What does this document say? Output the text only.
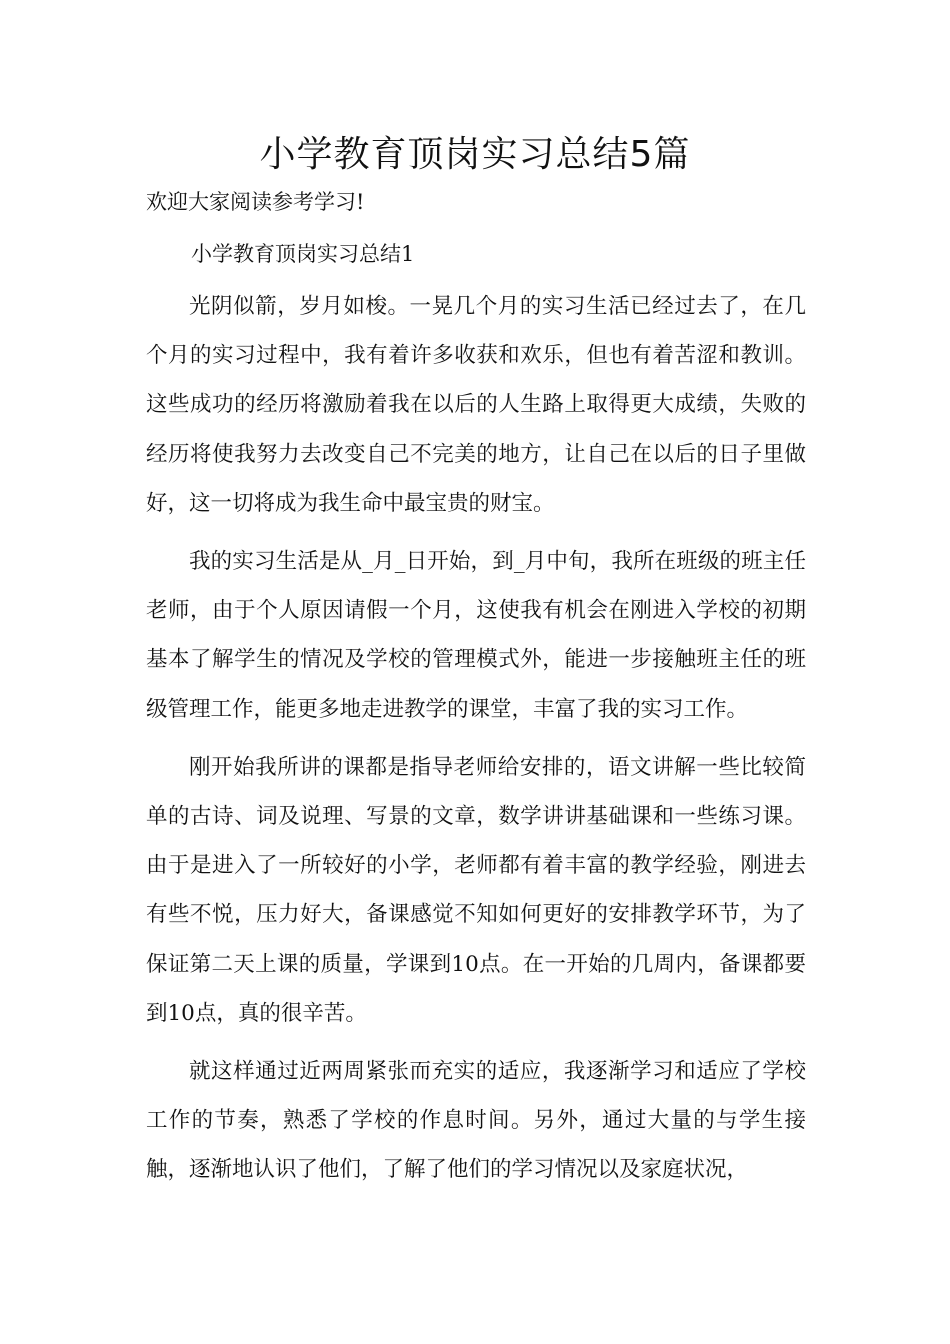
小学教育顶岗实习总结5篇

欢迎大家阅读参考学习!

小学教育顶岗实习总结1

光阴似箭，岁月如梭。一晃几个月的实习生活已经过去了，在几个月的实习过程中，我有着许多收获和欢乐，但也有着苦涩和教训。这些成功的经历将激励着我在以后的人生路上取得更大成绩，失败的经历将使我努力去改变自己不完美的地方，让自己在以后的日子里做好，这一切将成为我生命中最宝贵的财宝。

我的实习生活是从_月_日开始，到_月中旬，我所在班级的班主任老师，由于个人原因请假一个月，这使我有机会在刚进入学校的初期基本了解学生的情况及学校的管理模式外，能进一步接触班主任的班级管理工作，能更多地走进教学的课堂，丰富了我的实习工作。

刚开始我所讲的课都是指导老师给安排的，语文讲解一些比较简单的古诗、词及说理、写景的文章，数学讲讲基础课和一些练习课。由于是进入了一所较好的小学，老师都有着丰富的教学经验，刚进去有些不悦，压力好大，备课感觉不知如何更好的安排教学环节，为了保证第二天上课的质量，学课到10点。在一开始的几周内，备课都要到10点，真的很辛苦。

就这样通过近两周紧张而充实的适应，我逐渐学习和适应了学校工作的节奏，熟悉了学校的作息时间。另外，通过大量的与学生接触，逐渐地认识了他们，了解了他们的学习情况以及家庭状况，
